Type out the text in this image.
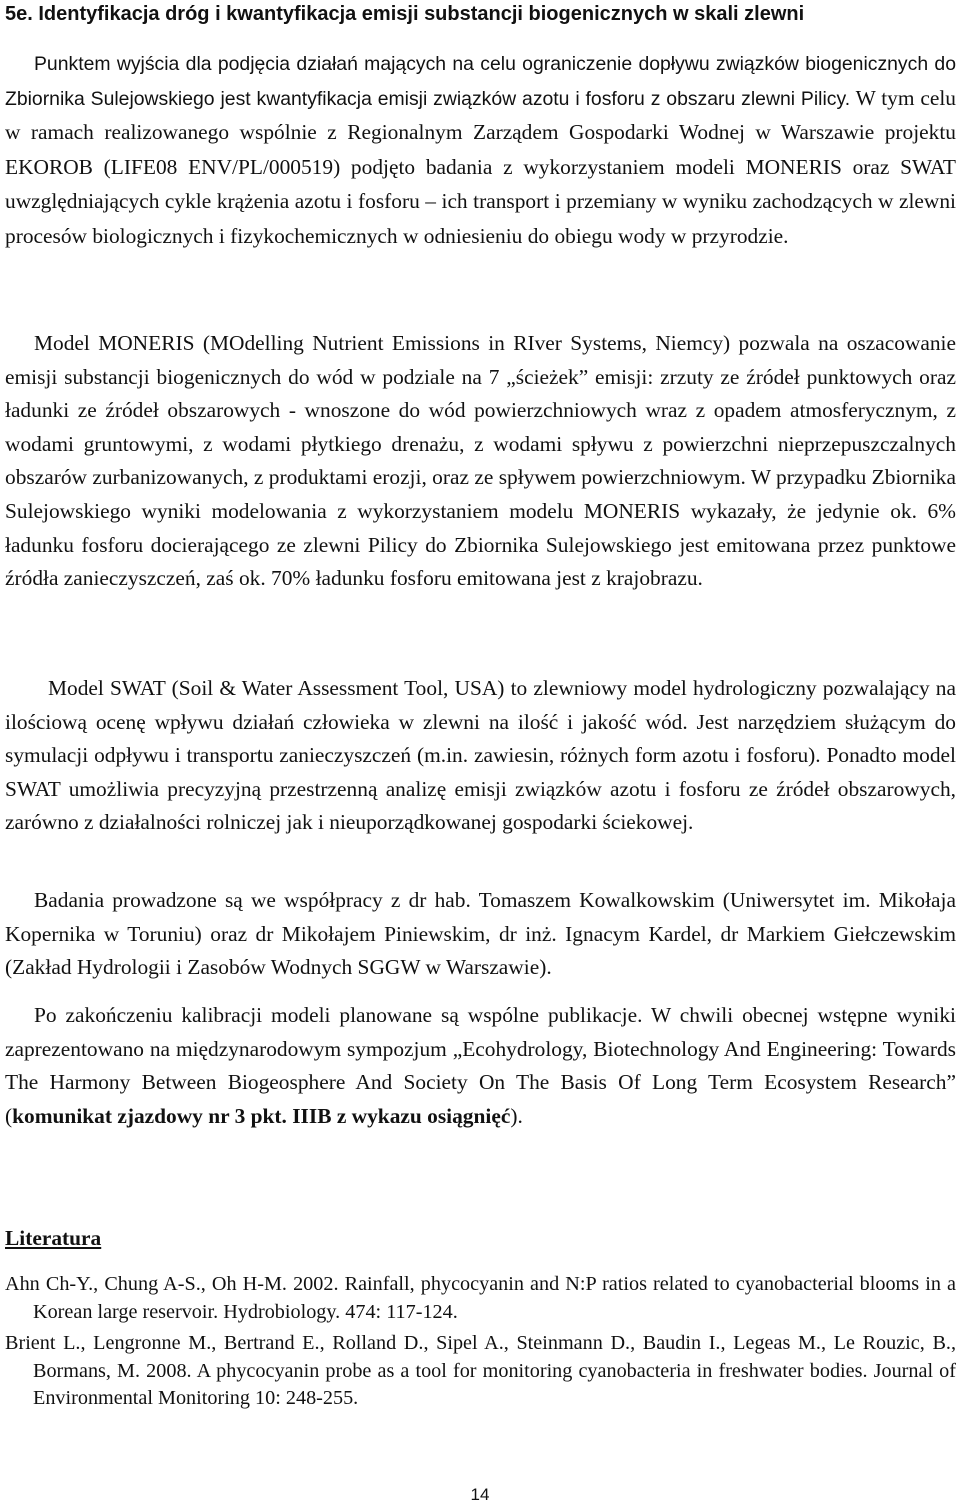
5e. Identyfikacja dróg i kwantyfikacja emisji substancji biogenicznych w skali zlewni

Punktem wyjścia dla podjęcia działań mających na celu ograniczenie dopływu związków biogenicznych do Zbiornika Sulejowskiego jest kwantyfikacja emisji związków azotu i fosforu z obszaru zlewni Pilicy. W tym celu w ramach realizowanego wspólnie z Regionalnym Zarządem Gospodarki Wodnej w Warszawie projektu EKOROB (LIFE08 ENV/PL/000519) podjęto badania z wykorzystaniem modeli MONERIS oraz SWAT uwzględniających cykle krążenia azotu i fosforu – ich transport i przemiany w wyniku zachodzących w zlewni procesów biologicznych i fizykochemicznych w odniesieniu do obiegu wody w przyrodzie.

Model MONERIS (MOdelling Nutrient Emissions in RIver Systems, Niemcy) pozwala na oszacowanie emisji substancji biogenicznych do wód w podziale na 7 „ścieżek” emisji: zrzuty ze źródeł punktowych oraz ładunki ze źródeł obszarowych - wnoszone do wód powierzchniowych wraz z opadem atmosferycznym, z wodami gruntowymi, z wodami płytkiego drenażu, z wodami spływu z powierzchni nieprzepuszczalnych obszarów zurbanizowanych, z produktami erozji, oraz ze spływem powierzchniowym. W przypadku Zbiornika Sulejowskiego wyniki modelowania z wykorzystaniem modelu MONERIS wykazały, że jedynie ok. 6% ładunku fosforu docierającego ze zlewni Pilicy do Zbiornika Sulejowskiego jest emitowana przez punktowe źródła zanieczyszczeń, zaś ok. 70% ładunku fosforu emitowana jest z krajobrazu.

Model SWAT (Soil & Water Assessment Tool, USA) to zlewniowy model hydrologiczny pozwalający na ilościową ocenę wpływu działań człowieka w zlewni na ilość i jakość wód. Jest narzędziem służącym do symulacji odpływu i transportu zanieczyszczeń (m.in. zawiesin, różnych form azotu i fosforu). Ponadto model SWAT umożliwia precyzyjną przestrzenną analizę emisji związków azotu i fosforu ze źródeł obszarowych, zarówno z działalności rolniczej jak i nieuporządkowanej gospodarki ściekowej.

Badania prowadzone są we współpracy z dr hab. Tomaszem Kowalkowskim (Uniwersytet im. Mikołaja Kopernika w Toruniu) oraz dr Mikołajem Piniewskim, dr inż. Ignacym Kardel, dr Markiem Giełczewskim (Zakład Hydrologii i Zasobów Wodnych SGGW w Warszawie).

Po zakończeniu kalibracji modeli planowane są wspólne publikacje. W chwili obecnej wstępne wyniki zaprezentowano na międzynarodowym sympozjum „Ecohydrology, Biotechnology And Engineering: Towards The Harmony Between Biogeosphere And Society On The Basis Of Long Term Ecosystem Research” (komunikat zjazdowy nr 3 pkt. IIIB z wykazu osiągnięć).

Literatura

Ahn Ch-Y., Chung A-S., Oh H-M. 2002. Rainfall, phycocyanin and N:P ratios related to cyanobacterial blooms in a Korean large reservoir. Hydrobiology. 474: 117-124.

Brient L., Lengronne M., Bertrand E., Rolland D., Sipel A., Steinmann D., Baudin I., Legeas M., Le Rouzic, B., Bormans, M. 2008. A phycocyanin probe as a tool for monitoring cyanobacteria in freshwater bodies. Journal of Environmental Monitoring 10: 248-255.

14
